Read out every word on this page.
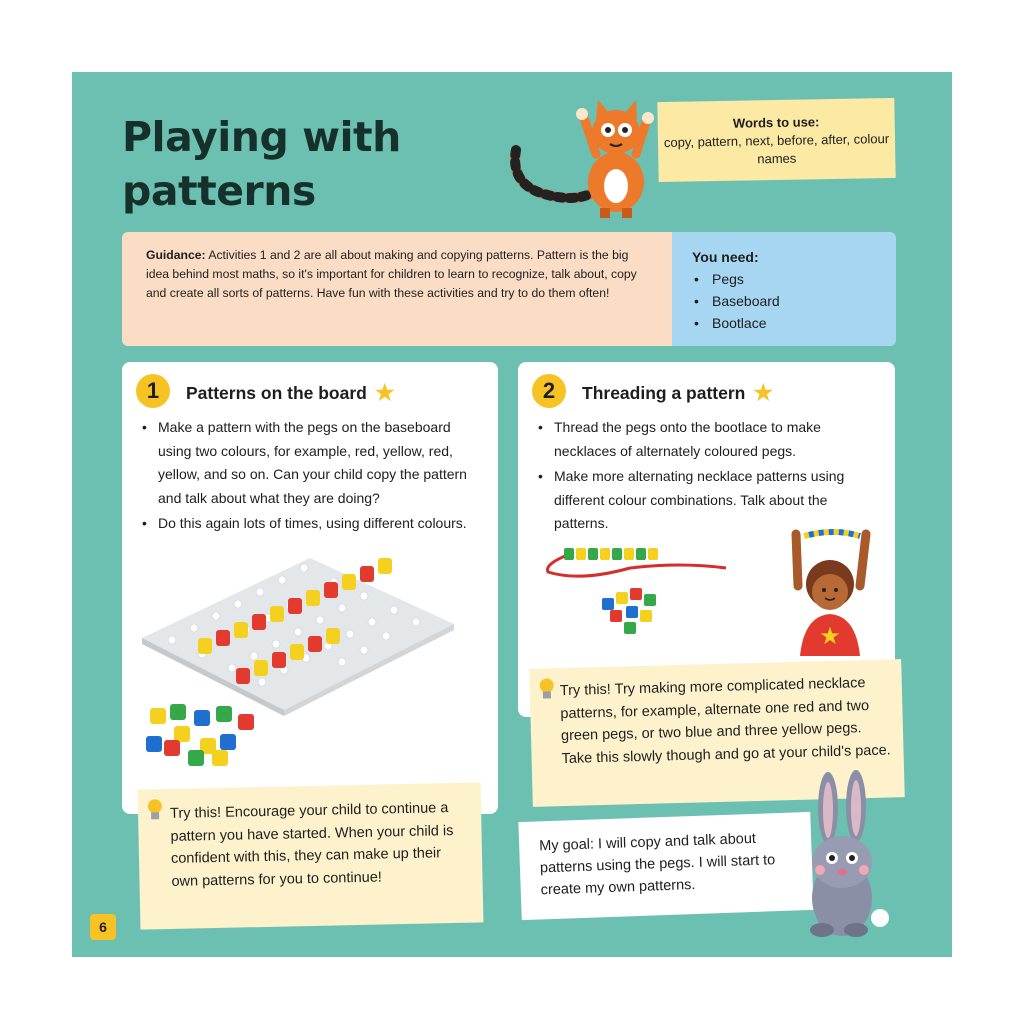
Playing with patterns
Words to use:
copy, pattern, next, before, after, colour names
Guidance: Activities 1 and 2 are all about making and copying patterns. Pattern is the big idea behind most maths, so it's important for children to learn to recognize, talk about, copy and create all sorts of patterns. Have fun with these activities and try to do them often!
You need:
• Pegs
• Baseboard
• Bootlace
1	Patterns on the board ★
• Make a pattern with the pegs on the baseboard using two colours, for example, red, yellow, red, yellow, and so on. Can your child copy the pattern and talk about what they are doing?
• Do this again lots of times, using different colours.
Try this! Encourage your child to continue a pattern you have started. When your child is confident with this, they can make up their own patterns for you to continue!
2	Threading a pattern ★
• Thread the pegs onto the bootlace to make necklaces of alternately coloured pegs.
• Make more alternating necklace patterns using different colour combinations. Talk about the patterns.
★
Try this! Try making more complicated necklace patterns, for example, alternate one red and two green pegs, or two blue and three yellow pegs. Take this slowly though and go at your child's pace.
My goal: I will copy and talk about patterns using the pegs. I will start to create my own patterns.
6
